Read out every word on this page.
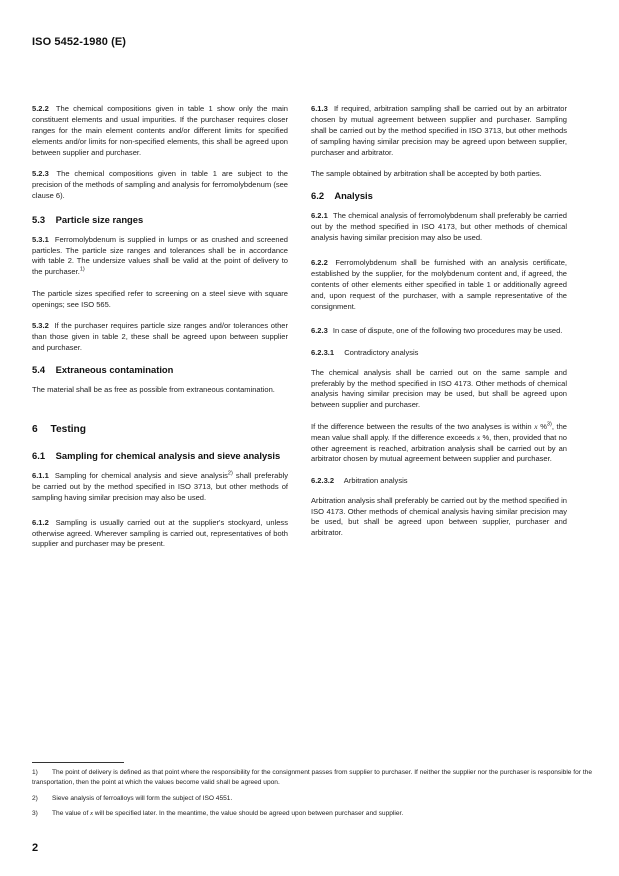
ISO 5452-1980 (E)

5.2.2 The chemical compositions given in table 1 show only the main constituent elements and usual impurities. If the purchaser requires closer ranges for the main element contents and/or different limits for specified elements and/or limits for non-specified elements, this shall be agreed upon between supplier and purchaser.

5.2.3 The chemical compositions given in table 1 are subject to the precision of the methods of sampling and analysis for ferromolybdenum (see clause 6).

5.3 Particle size ranges

5.3.1 Ferromolybdenum is supplied in lumps or as crushed and screened particles. The particle size ranges and tolerances shall be in accordance with table 2. The undersize values shall be valid at the point of delivery to the purchaser.$^{1)}$

The particle sizes specified refer to screening on a steel sieve with square openings; see ISO 565.

5.3.2 If the purchaser requires particle size ranges and/or tolerances other than those given in table 2, these shall be agreed upon between supplier and purchaser.

5.4 Extraneous contamination

The material shall be as free as possible from extraneous contamination.

6 Testing
6.1 Sampling for chemical analysis and sieve analysis

6.1.1 Sampling for chemical analysis and sieve analysis$^{2)}$ shall preferably be carried out by the method specified in ISO 3713, but other methods of sampling having similar precision may also be used.

6.1.2 Sampling is usually carried out at the supplier's stockyard, unless otherwise agreed. Wherever sampling is carried out, representatives of both supplier and purchaser may be present.

6.1.3 If required, arbitration sampling shall be carried out by an arbitrator chosen by mutual agreement between supplier and purchaser. Sampling shall be carried out by the method specified in ISO 3713, but other methods of sampling having similar precision may be agreed upon between supplier, purchaser and arbitrator.

The sample obtained by arbitration shall be accepted by both parties.

6.2 Analysis

6.2.1 The chemical analysis of ferromolybdenum shall preferably be carried out by the method specified in ISO 4173, but other methods of chemical analysis having similar precision may also be used.

6.2.2 Ferromolybdenum shall be furnished with an analysis certificate, established by the supplier, for the molybdenum content and, if agreed, the contents of other elements either specified in table 1 or additionally agreed and, upon request of the purchaser, with a sample representative of the consignment.

6.2.3 In case of dispute, one of the following two procedures may be used.

6.2.3.1 Contradictory analysis

The chemical analysis shall be carried out on the same sample and preferably by the method specified in ISO 4173. Other methods of chemical analysis having similar precision may be used, but shall be agreed upon between supplier and purchaser.

If the difference between the results of the two analyses is within x %$^{3)}$, the mean value shall apply. If the difference exceeds x %, then, provided that no other agreement is reached, arbitration analysis shall be carried out by an arbitrator chosen by mutual agreement between supplier and purchaser.

6.2.3.2 Arbitration analysis

Arbitration analysis shall preferably be carried out by the method specified in ISO 4173. Other methods of chemical analysis having similar precision may be used, but shall be agreed upon between supplier, purchaser and arbitrator.

1) The point of delivery is defined as that point where the responsibility for the consignment passes from supplier to purchaser. If neither the supplier nor the purchaser is responsible for the transportation, then the point at which the values become valid shall be agreed upon.

2) Sieve analysis of ferroalloys will form the subject of ISO 4551.

3) The value of x will be specified later. In the meantime, the value should be agreed upon between purchaser and supplier.

2
